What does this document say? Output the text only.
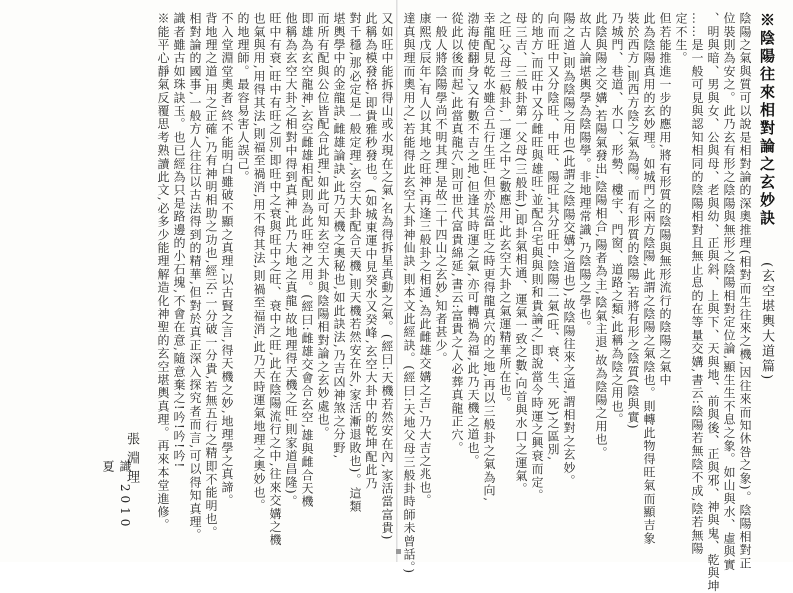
※陰陽往來相對論之玄妙訣
(玄空堪輿大道篇)
陰陽之氣與質可以說是相對論的深奧推理(相對而生往來之機,因往來而知休咎之象)。陰陽相對正
位裝則為安之。此乃玄有形之陰陽與無形之陰陽相對定位論,顯生生不息之象。如山與水、虛與實
、明與暗、男與女、公與母、老與幼、正與斜、上與下、天與地、前與後、正與邪、神與鬼、乾與坤
……是一般可見與認知相同的陰陽相對且無止息的在等量交媾,書云:陰陽若無陰不成,陰若無陽
定不生。
但若能推進一步的應用,將有形質的陰陽與無形流行的陰陽之氣中
此為陰陽真用的玄妙理。如城門之兩方陰陽,此謂之陰陽之氣陰也。則轉此物得旺氣而顯吉象
裝於西方,則西方陰之氣為陽。而有形質的陰陽,若將有形之陰質(陰與實)
乃城門、巷道、水口、形勢、樓宇、門窗、道路之類,此稱為陰之用也。
此陰與陽之交媾,若陽氣發出,陰陽相合,陽者為主,陰氣主退,故為陰陽之用也。
故古人論堪輿學為陰陽學。非地理常識,乃陰陽之學也。
陽之道,則為陰陽之用也(此謂之陰陽交媾之道也),故陰陽往來之道,謂相對之玄妙。
向而旺中又分陰旺、中旺、陽旺,其分旺中,陰陽二氣(旺、衰、生、死)之區別,
的地方,而旺中又分雌旺與雄旺,並配合宅與與則和貴論之,即說當今時運之興衰而定。
母三吉、三般卦第一父母(三般卦),即卦氣相通、運氣一致之數,向首與水口之運氣。
之旺,父母三般卦,一運之中之數應用,此玄空大卦之氣運精華所在也。
幸龍配見乾水雖合五行生旺,但亦於當旺之時更得龍真穴的之地,再以三般卦之氣為向,
渤海使翻身,又有數不吉之地,但逢其時運之氣,亦可轉禍為福,此乃天機之道也。
從此以後而起,此當真龍穴,則可世代富貴綿延,書云:富貴之人必葬真龍正穴。
一般人將陰陽學尚不明其理,是故二十四山之玄妙,知者甚少。
康熙戊辰年,有人以其地之旺神,再逢三般卦之相通,為此雌雄交媾之吉,乃大吉之兆也。
達真與理而奧用之,若能得此玄空大卦神仙訣,則本文此經訣。(經曰:天地父母三般卦時師未曾話。)
又如旺中能拆得山或水現在之氣,名為得拆星真動之氣。(經曰:天機若然安在內,家活當富貴)
此稱為模發格,即貴雅秒發也。(如城東運中見癸水又癸峰,玄空大卦中的乾坤配此乃
對千穩,那必定是一般定理,玄空大卦配合天機,則天機若然安在外,家活漸退敗也)。這類
堪輿學中的金龍訣,雌雄論訣,此乃天機之奧秘也,如此訣法,乃吉凶神煞之分野,
而所有配與公位皆配合此理,如此可知玄空大卦與陰陽相對論之玄妙處也。
即雄為玄空龍神,玄空雌雄相配則為此旺神之用。(經曰:雌雄交會合玄空,雄與雌合天機
他稱為玄空大卦之相對中得到真神,此乃大地之真龍,故地理得天機之旺,則家道昌隆)。
旺中有衰,旺中有旺之別,即旺中之衰與旺中之旺、衰中之旺,此在陰陽流行之中,往來交媾之機
也氣與用,用得其法,則福至禍消,用不得其法,則禍至福消,此乃天時運氣地理之奧妙也。
的地理師。最容易害人誤己。
不入堂淵堂奧者,終不能明白雖破不顯之真理,以古賢之言,得天機之妙,地理學之真諦。
背地理之道,用之正確,乃有神明相助之功也,經云:一分破一分貴,若無五行之精即不能明也。
相對論的國事,一般方人往往以古法得到的精華,但對於真正深入探究者而言,可以得知真理。
識者雖古如珠訣玉。也已經為只是路邊的小石塊,不會在意,隨意棄之!吟!吟!吟!
※能平心靜氣反覆思考熟讀此文,必多少能理解造化神聖的玄空堪輿真理。再來本堂進修。
張淵理
識 2010 夏
